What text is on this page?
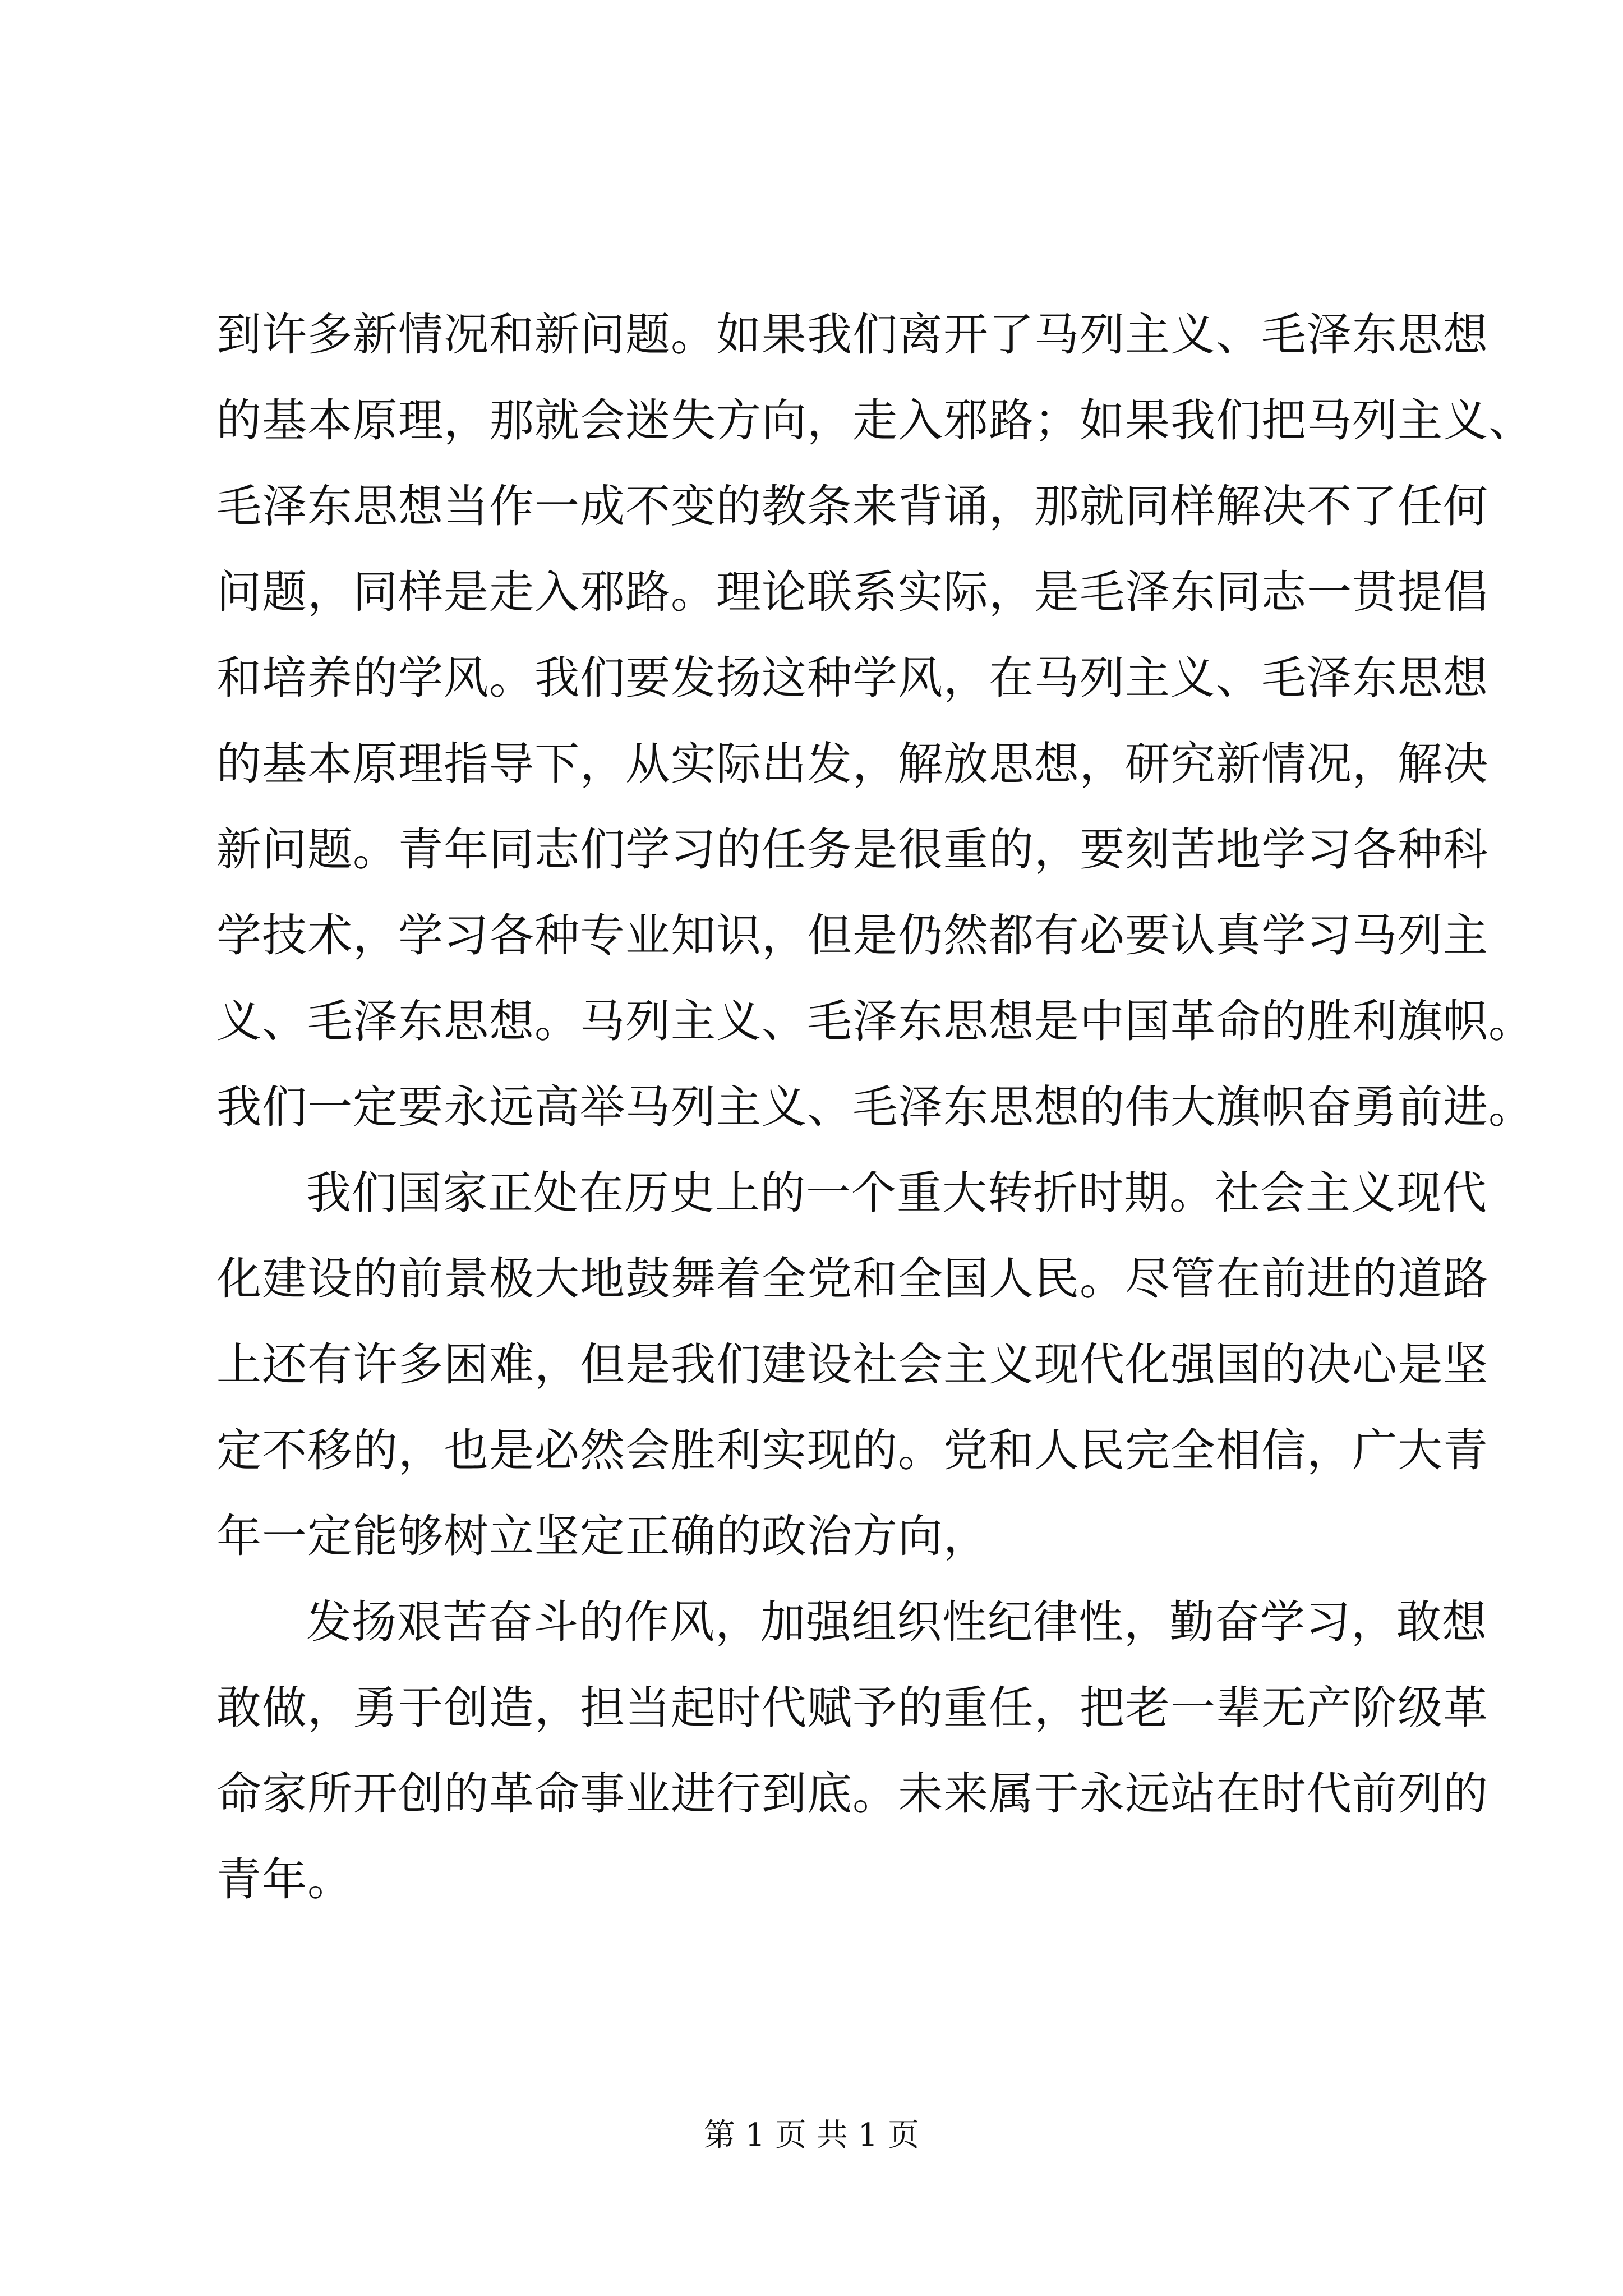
到许多新情况和新问题。如果我们离开了马列主义、毛泽东思想
的基本原理，那就会迷失方向，走入邪路；如果我们把马列主义、
毛泽东思想当作一成不变的教条来背诵，那就同样解决不了任何
问题，同样是走入邪路。理论联系实际，是毛泽东同志一贯提倡
和培养的学风。我们要发扬这种学风，在马列主义、毛泽东思想
的基本原理指导下，从实际出发，解放思想，研究新情况，解决
新问题。青年同志们学习的任务是很重的，要刻苦地学习各种科
学技术，学习各种专业知识，但是仍然都有必要认真学习马列主
义、毛泽东思想。马列主义、毛泽东思想是中国革命的胜利旗帜。
我们一定要永远高举马列主义、毛泽东思想的伟大旗帜奋勇前进。
我们国家正处在历史上的一个重大转折时期。社会主义现代
化建设的前景极大地鼓舞着全党和全国人民。尽管在前进的道路
上还有许多困难，但是我们建设社会主义现代化强国的决心是坚
定不移的，也是必然会胜利实现的。党和人民完全相信，广大青
年一定能够树立坚定正确的政治方向，
发扬艰苦奋斗的作风，加强组织性纪律性，勤奋学习，敢想
敢做，勇于创造，担当起时代赋予的重任，把老一辈无产阶级革
命家所开创的革命事业进行到底。未来属于永远站在时代前列的
青年。
第 1 页 共 1 页
